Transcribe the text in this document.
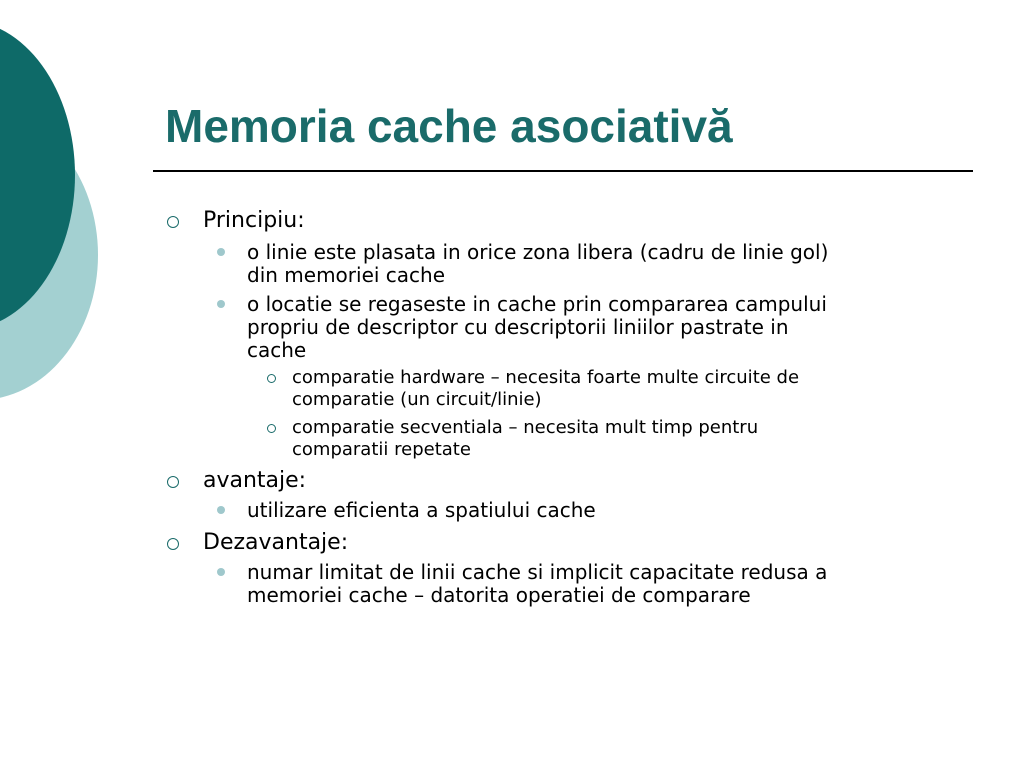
Memoria cache asociativă
Principiu:
o linie este plasata in orice zona libera (cadru de linie gol)
din memoriei cache
o locatie se regaseste in cache prin compararea campului
propriu de descriptor cu descriptorii liniilor pastrate in
cache
comparatie hardware – necesita foarte multe circuite de
comparatie (un circuit/linie)
comparatie secventiala – necesita mult timp pentru
comparatii repetate
avantaje:
utilizare eficienta a spatiului cache
Dezavantaje:
numar limitat de linii cache si implicit capacitate redusa a
memoriei cache – datorita operatiei de comparare
